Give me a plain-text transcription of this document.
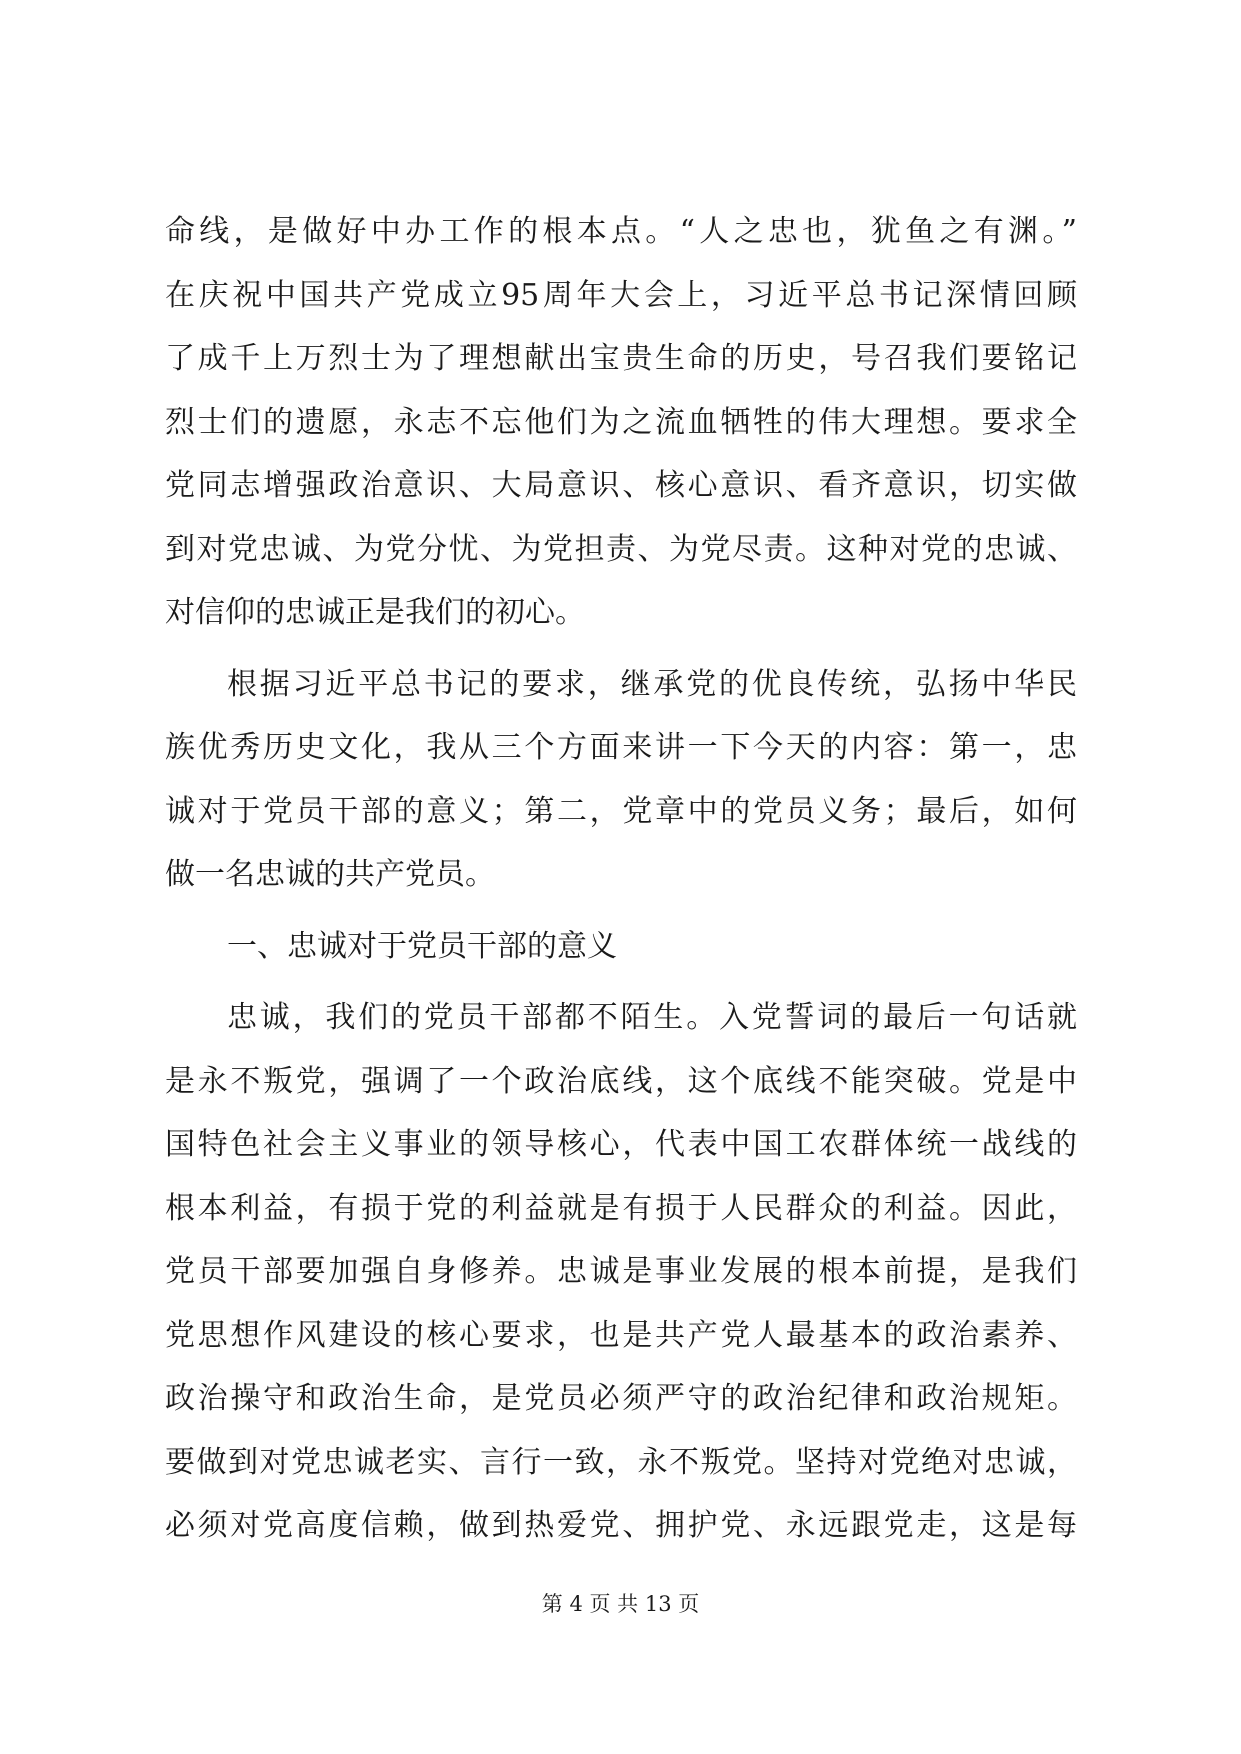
命线，是做好中办工作的根本点。“人之忠也，犹鱼之有渊。”
在庆祝中国共产党成立95周年大会上，习近平总书记深情回顾
了成千上万烈士为了理想献出宝贵生命的历史，号召我们要铭记
烈士们的遗愿，永志不忘他们为之流血牺牲的伟大理想。要求全
党同志增强政治意识、大局意识、核心意识、看齐意识，切实做
到对党忠诚、为党分忧、为党担责、为党尽责。这种对党的忠诚、
对信仰的忠诚正是我们的初心。
根据习近平总书记的要求，继承党的优良传统，弘扬中华民
族优秀历史文化，我从三个方面来讲一下今天的内容：第一，忠
诚对于党员干部的意义；第二，党章中的党员义务；最后，如何
做一名忠诚的共产党员。
一、忠诚对于党员干部的意义
忠诚，我们的党员干部都不陌生。入党誓词的最后一句话就
是永不叛党，强调了一个政治底线，这个底线不能突破。党是中
国特色社会主义事业的领导核心，代表中国工农群体统一战线的
根本利益，有损于党的利益就是有损于人民群众的利益。因此，
党员干部要加强自身修养。忠诚是事业发展的根本前提，是我们
党思想作风建设的核心要求，也是共产党人最基本的政治素养、
政治操守和政治生命，是党员必须严守的政治纪律和政治规矩。
要做到对党忠诚老实、言行一致，永不叛党。坚持对党绝对忠诚，
必须对党高度信赖，做到热爱党、拥护党、永远跟党走，这是每
第 4 页 共 13 页
